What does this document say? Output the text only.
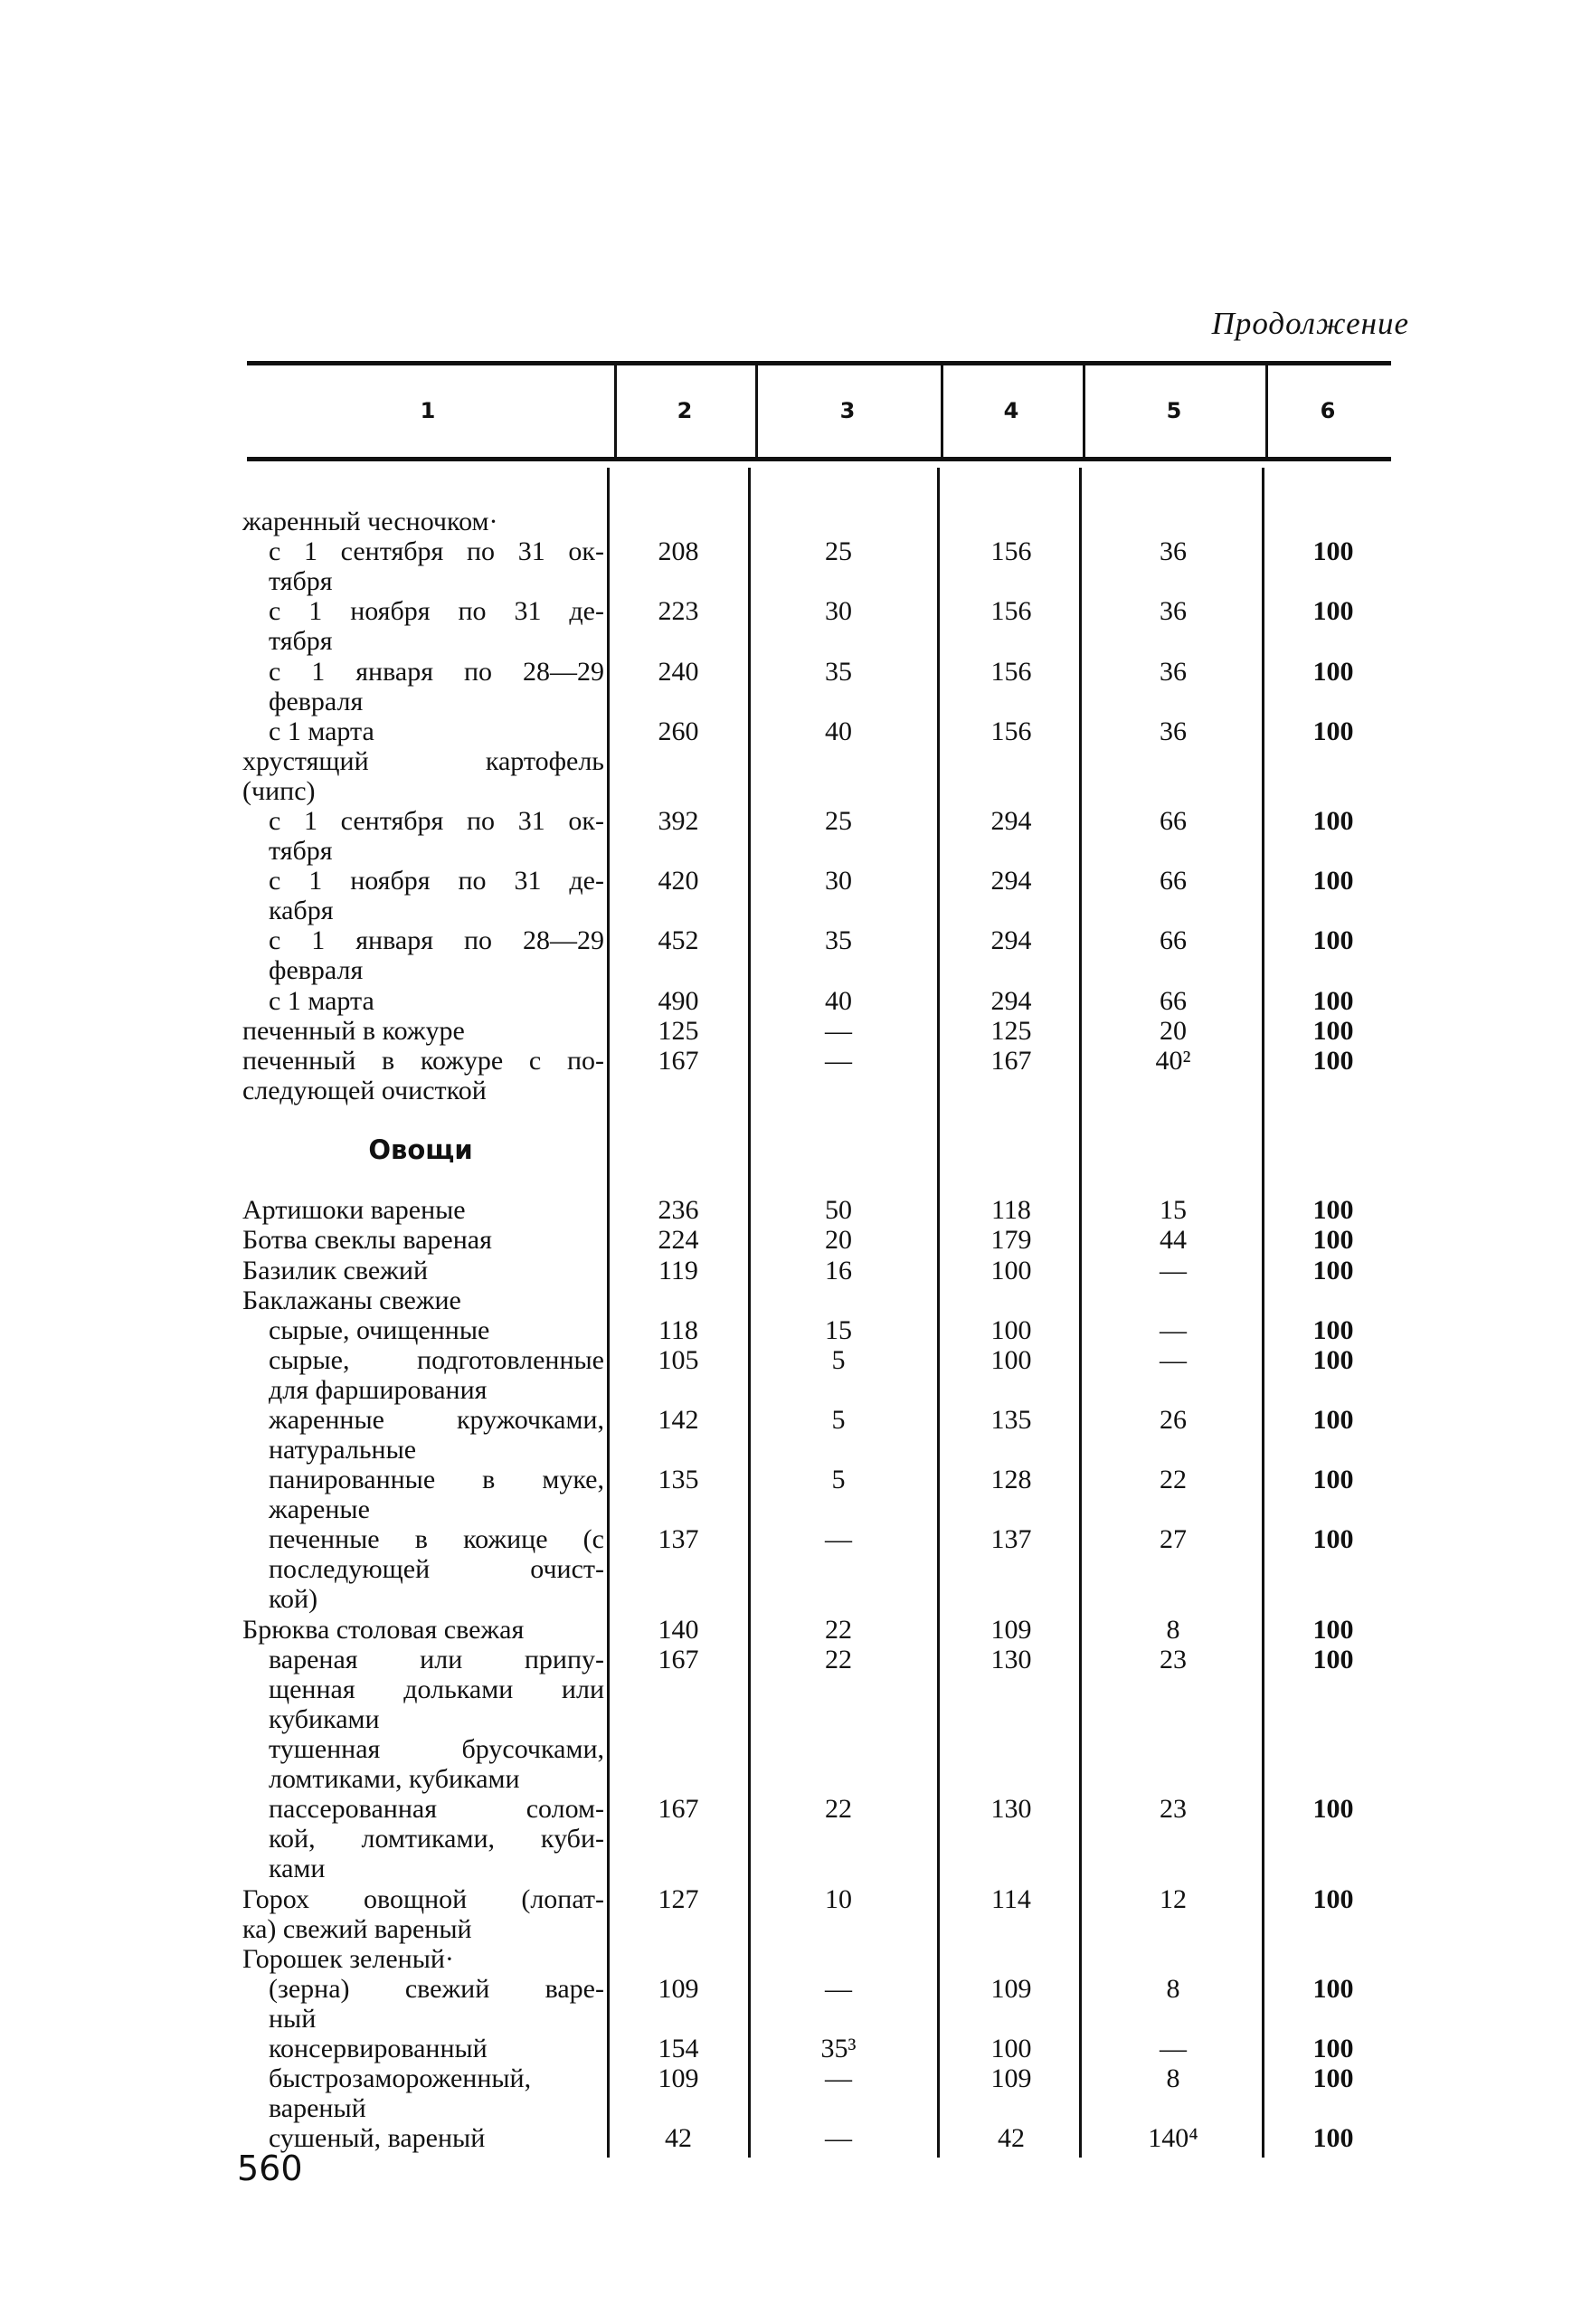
Продолжение
1	2	3	4	5	6
жаренный чесночком·
с 1 сентября по 31 ок-
тября
208	25	156	36	100
с 1 ноября по 31 де-
тября
223	30	156	36	100
с 1 января по 28—29
февраля
240	35	156	36	100
с 1 марта	260	40	156	36	100
хрустящий картофель
(чипс)
с 1 сентября по 31 ок-
тября
392	25	294	66	100
с 1 ноября по 31 де-
кабря
420	30	294	66	100
с 1 января по 28—29
февраля
452	35	294	66	100
с 1 марта	490	40	294	66	100
печенный в кожуре	125	—	125	20	100
печенный в кожуре с по-
следующей очисткой
167	—	167	40²	100
Овощи
Артишоки вареные	236	50	118	15	100
Ботва свеклы вареная	224	20	179	44	100
Базилик свежий	119	16	100	—	100
Баклажаны свежие
сырые, очищенные	118	15	100	—	100
сырые, подготовленные
для фарширования
105	5	100	—	100
жаренные кружочками,
натуральные
142	5	135	26	100
панированные в муке,
жареные
135	5	128	22	100
печенные в кожице (с
последующей очист-
кой)
137	—	137	27	100
Брюква столовая свежая	140	22	109	8	100
вареная или припу-
щенная дольками или
кубиками
167	22	130	23	100
тушенная брусочками,
ломтиками, кубиками
пассерованная солом-
кой, ломтиками, куби-
ками
167	22	130	23	100
Горох овощной (лопат-
ка) свежий вареный
127	10	114	12	100
Горошек зеленый·
(зерна) свежий варе-
ный
109	—	109	8	100
консервированный	154	35³	100	—	100
быстрозамороженный,
вареный
109	—	109	8	100
сушеный, вареный	42	—	42	140⁴	100
560
